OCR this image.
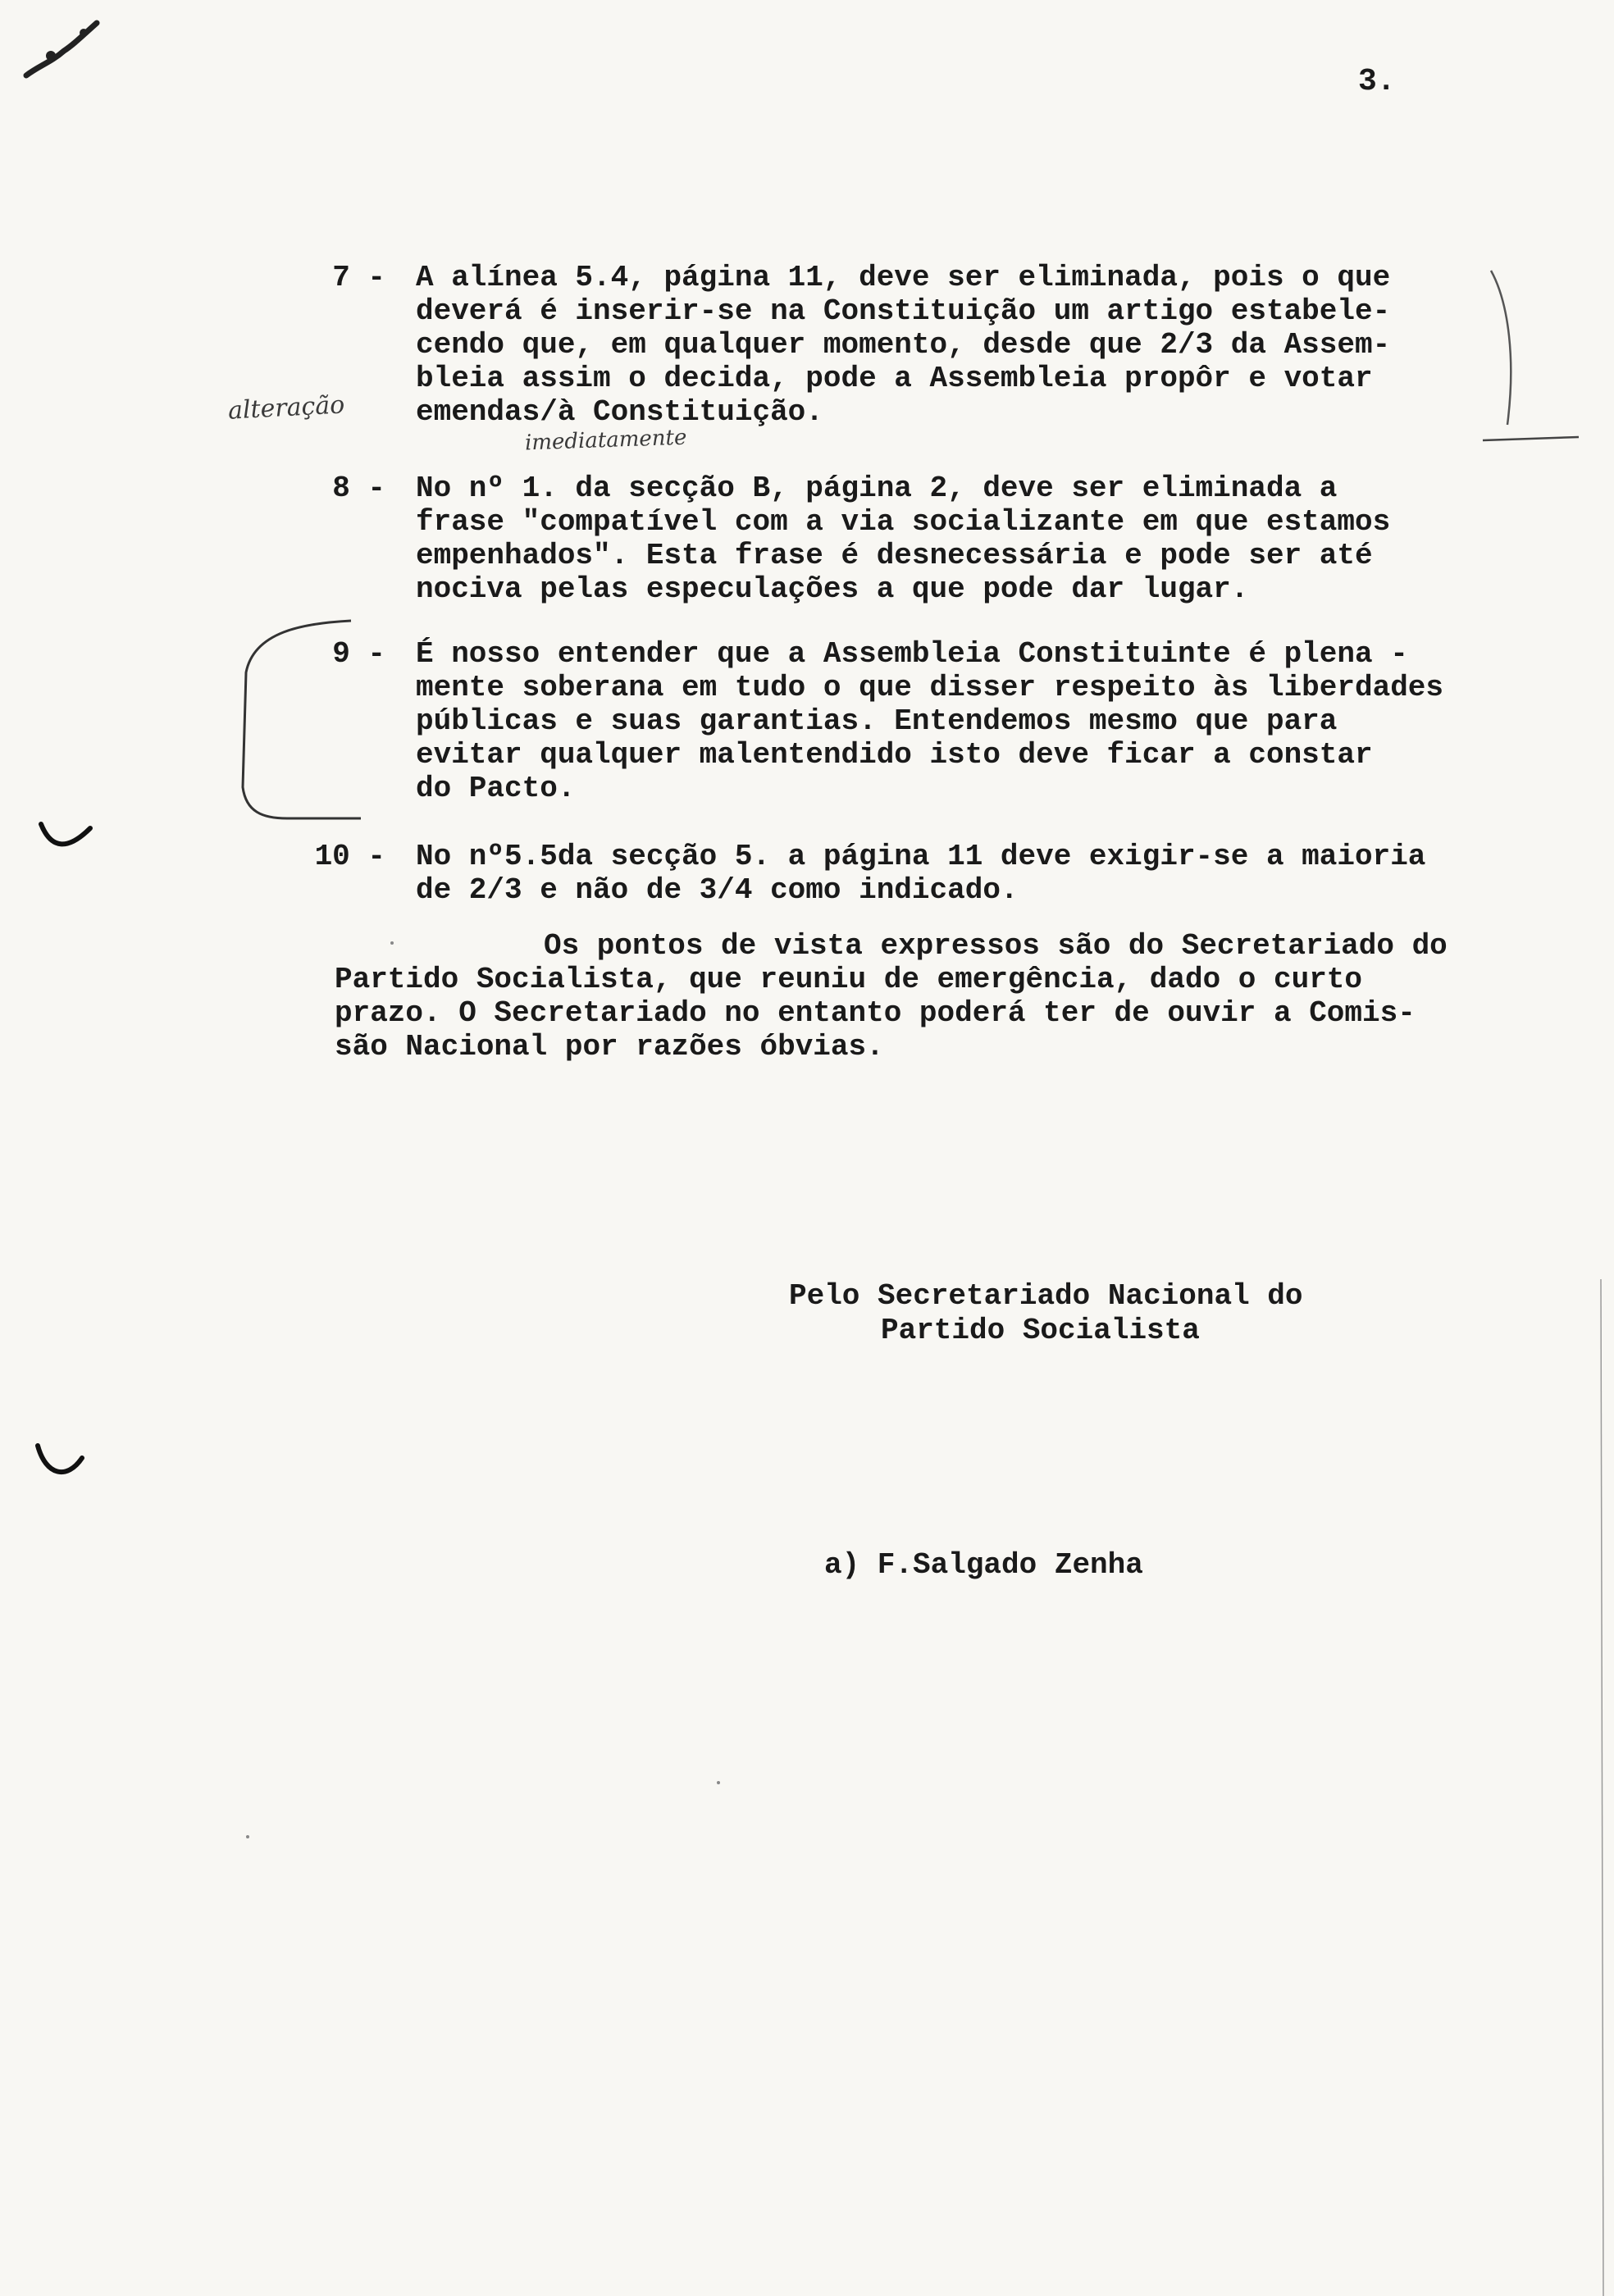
3.
alteração
imediatamente
7 - A alínea 5.4, página 11, deve ser eliminada, pois o que
deverá é inserir-se na Constituição um artigo estabele-
cendo que, em qualquer momento, desde que 2/3 da Assem-
bleia assim o decida, pode a Assembleia propôr e votar
emendas/à Constituição.
8 - No nº 1. da secção B, página 2, deve ser eliminada a
frase "compatível com a via socializante em que estamos
empenhados". Esta frase é desnecessária e pode ser até
nociva pelas especulações a que pode dar lugar.
9 - É nosso entender que a Assembleia Constituinte é plena -
mente soberana em tudo o que disser respeito às liberdades
públicas e suas garantias. Entendemos mesmo que para
evitar qualquer malentendido isto deve ficar a constar
do Pacto.
10 - No nº5.5da secção 5. a página 11 deve exigir-se a maioria
de 2/3 e não de 3/4 como indicado.
Os pontos de vista expressos são do Secretariado do
Partido Socialista, que reuniu de emergência, dado o curto
prazo. O Secretariado no entanto poderá ter de ouvir a Comis-
são Nacional por razões óbvias.
Pelo Secretariado Nacional do
Partido Socialista
a) F.Salgado Zenha
